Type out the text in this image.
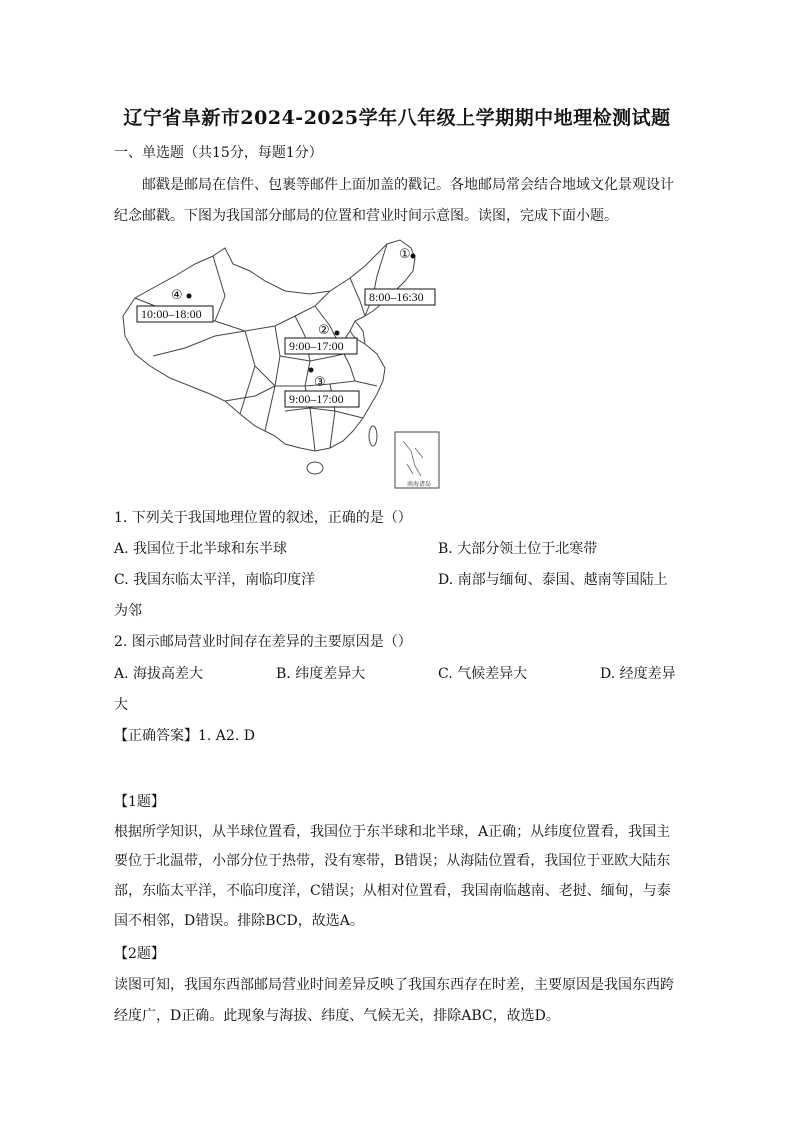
辽宁省阜新市2024-2025学年八年级上学期期中地理检测试题
一、单选题（共15分，每题1分）
邮戳是邮局在信件、包裹等邮件上面加盖的戳记。各地邮局常会结合地域文化景观设计
纪念邮戳。下图为我国部分邮局的位置和营业时间示意图。读图，完成下面小题。
南海诸岛
①
②
③
④	8:00–16:30
9:00–17:00
9:00–17:00
10:00–18:00
1. 下列关于我国地理位置的叙述，正确的是（）
A. 我国位于北半球和东半球	B. 大部分领土位于北寒带
C. 我国东临太平洋，南临印度洋	D. 南部与缅甸、泰国、越南等国陆上
为邻
2. 图示邮局营业时间存在差异的主要原因是（）
A. 海拔高差大	B. 纬度差异大	C. 气候差异大	D. 经度差异
大
【正确答案】1. A2. D
【1题】
根据所学知识，从半球位置看，我国位于东半球和北半球，A正确；从纬度位置看，我国主
要位于北温带，小部分位于热带，没有寒带，B错误；从海陆位置看，我国位于亚欧大陆东
部，东临太平洋，不临印度洋，C错误；从相对位置看，我国南临越南、老挝、缅甸，与泰
国不相邻，D错误。排除BCD，故选A。
【2题】
读图可知，我国东西部邮局营业时间差异反映了我国东西存在时差，主要原因是我国东西跨
经度广，D正确。此现象与海拔、纬度、气候无关，排除ABC，故选D。
